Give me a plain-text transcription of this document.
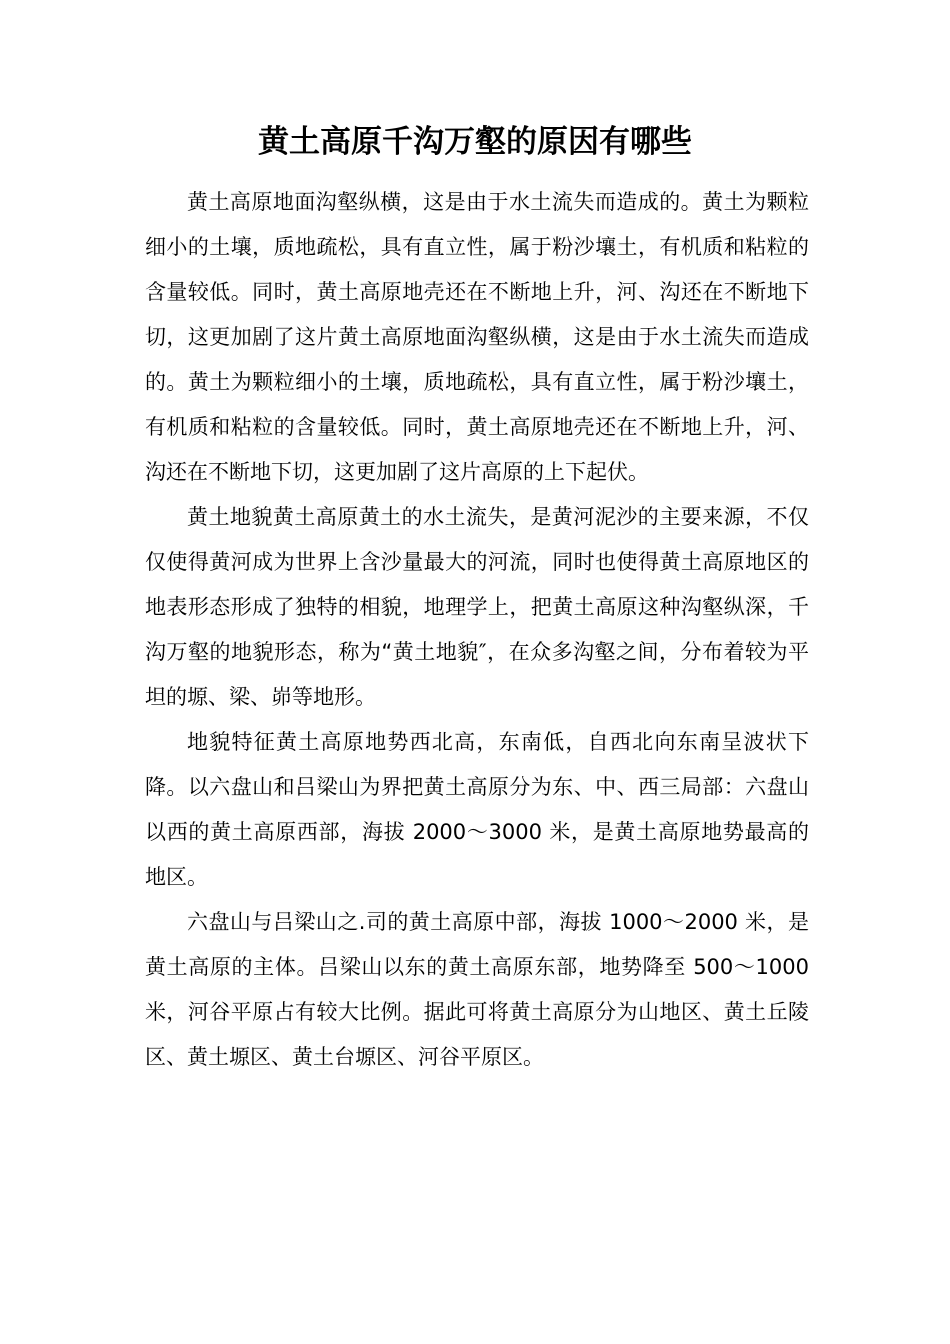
黄土高原千沟万壑的原因有哪些

黄土高原地面沟壑纵横，这是由于水土流失而造成的。黄土为颗粒细小的土壤，质地疏松，具有直立性，属于粉沙壤土，有机质和粘粒的含量较低。同时，黄土高原地壳还在不断地上升，河、沟还在不断地下切，这更加剧了这片黄土高原地面沟壑纵横，这是由于水土流失而造成的。黄土为颗粒细小的土壤，质地疏松，具有直立性，属于粉沙壤土，有机质和粘粒的含量较低。同时，黄土高原地壳还在不断地上升，河、沟还在不断地下切，这更加剧了这片高原的上下起伏。

黄土地貌黄土高原黄土的水土流失，是黄河泥沙的主要来源，不仅仅使得黄河成为世界上含沙量最大的河流，同时也使得黄土高原地区的地表形态形成了独特的相貌，地理学上，把黄土高原这种沟壑纵深，千沟万壑的地貌形态，称为“黄土地貌″，在众多沟壑之间，分布着较为平坦的塬、梁、峁等地形。

地貌特征黄土高原地势西北高，东南低，自西北向东南呈波状下降。以六盘山和吕梁山为界把黄土高原分为东、中、西三局部：六盘山以西的黄土高原西部，海拔 2000～3000 米，是黄土高原地势最高的地区。

六盘山与吕梁山之.司的黄土高原中部，海拔 1000～2000 米，是黄土高原的主体。吕梁山以东的黄土高原东部，地势降至 500～1000 米，河谷平原占有较大比例。据此可将黄土高原分为山地区、黄土丘陵区、黄土塬区、黄土台塬区、河谷平原区。
